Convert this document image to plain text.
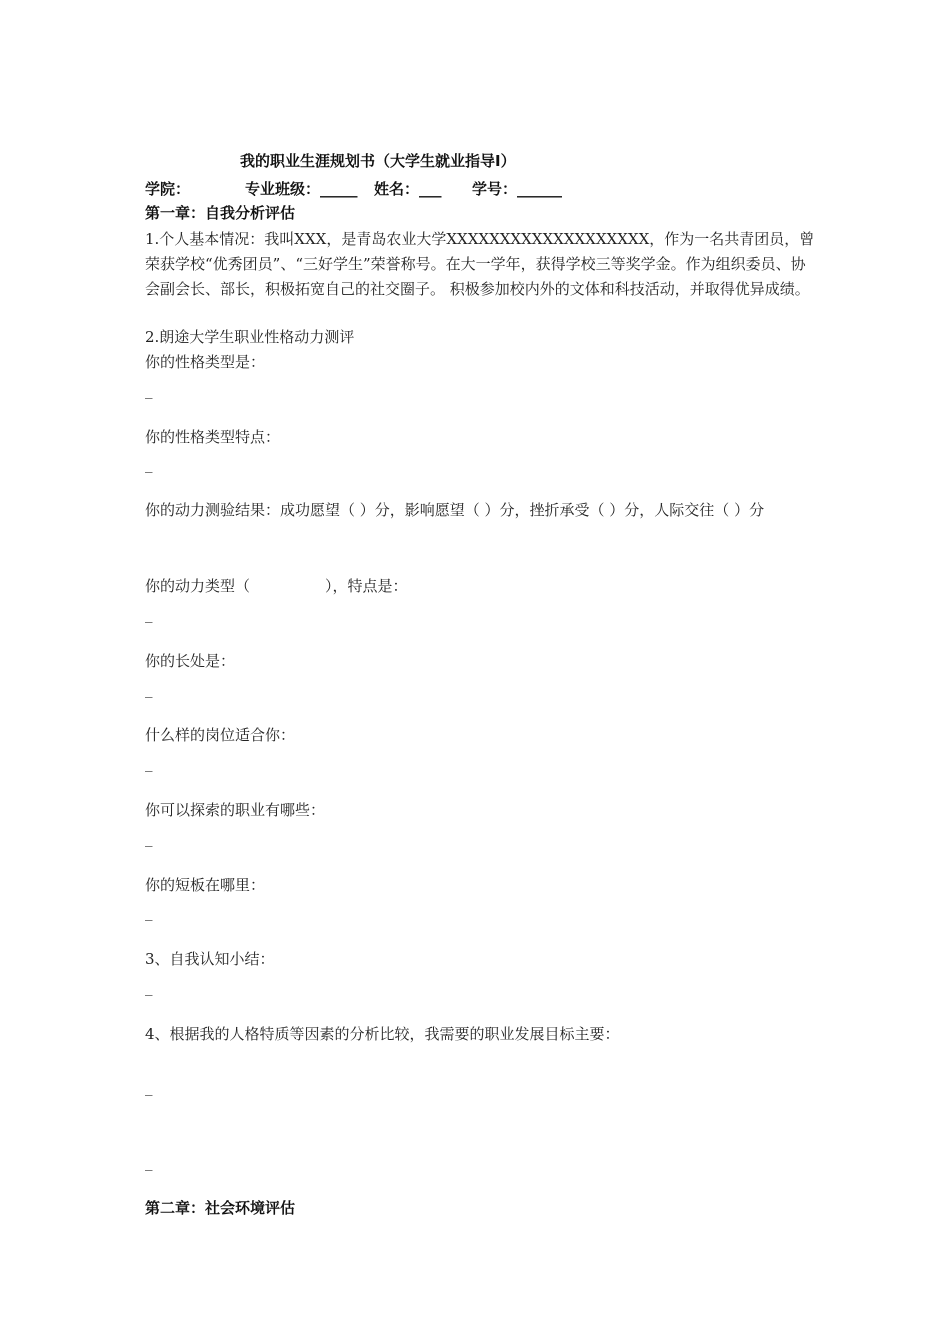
我的职业生涯规划书（大学生就业指导Ⅰ）
学院：	专业班级：_____ 姓名：___ 学号：______
第一章：自我分析评估
1.个人基本情况：我叫XXX，是青岛农业大学XXXXXXXXXXXXXXXXXXX，作为一名共青团员，曾荣获学校“优秀团员”、“三好学生”荣誉称号。在大一学年，获得学校三等奖学金。作为组织委员、协会副会长、部长，积极拓宽自己的社交圈子。 积极参加校内外的文体和科技活动，并取得优异成绩。
2.朗途大学生职业性格动力测评
你的性格类型是：
_
你的性格类型特点：
_
你的动力测验结果：成功愿望（ ）分，影响愿望（ ）分，挫折承受（ ）分，人际交往（ ）分
你的动力类型（　　　　　），特点是：
_
你的长处是：
_
什么样的岗位适合你：
_
你可以探索的职业有哪些：
_
你的短板在哪里：
_
3、自我认知小结：
_
4、根据我的人格特质等因素的分析比较，我需要的职业发展目标主要：
_
_
第二章：社会环境评估
